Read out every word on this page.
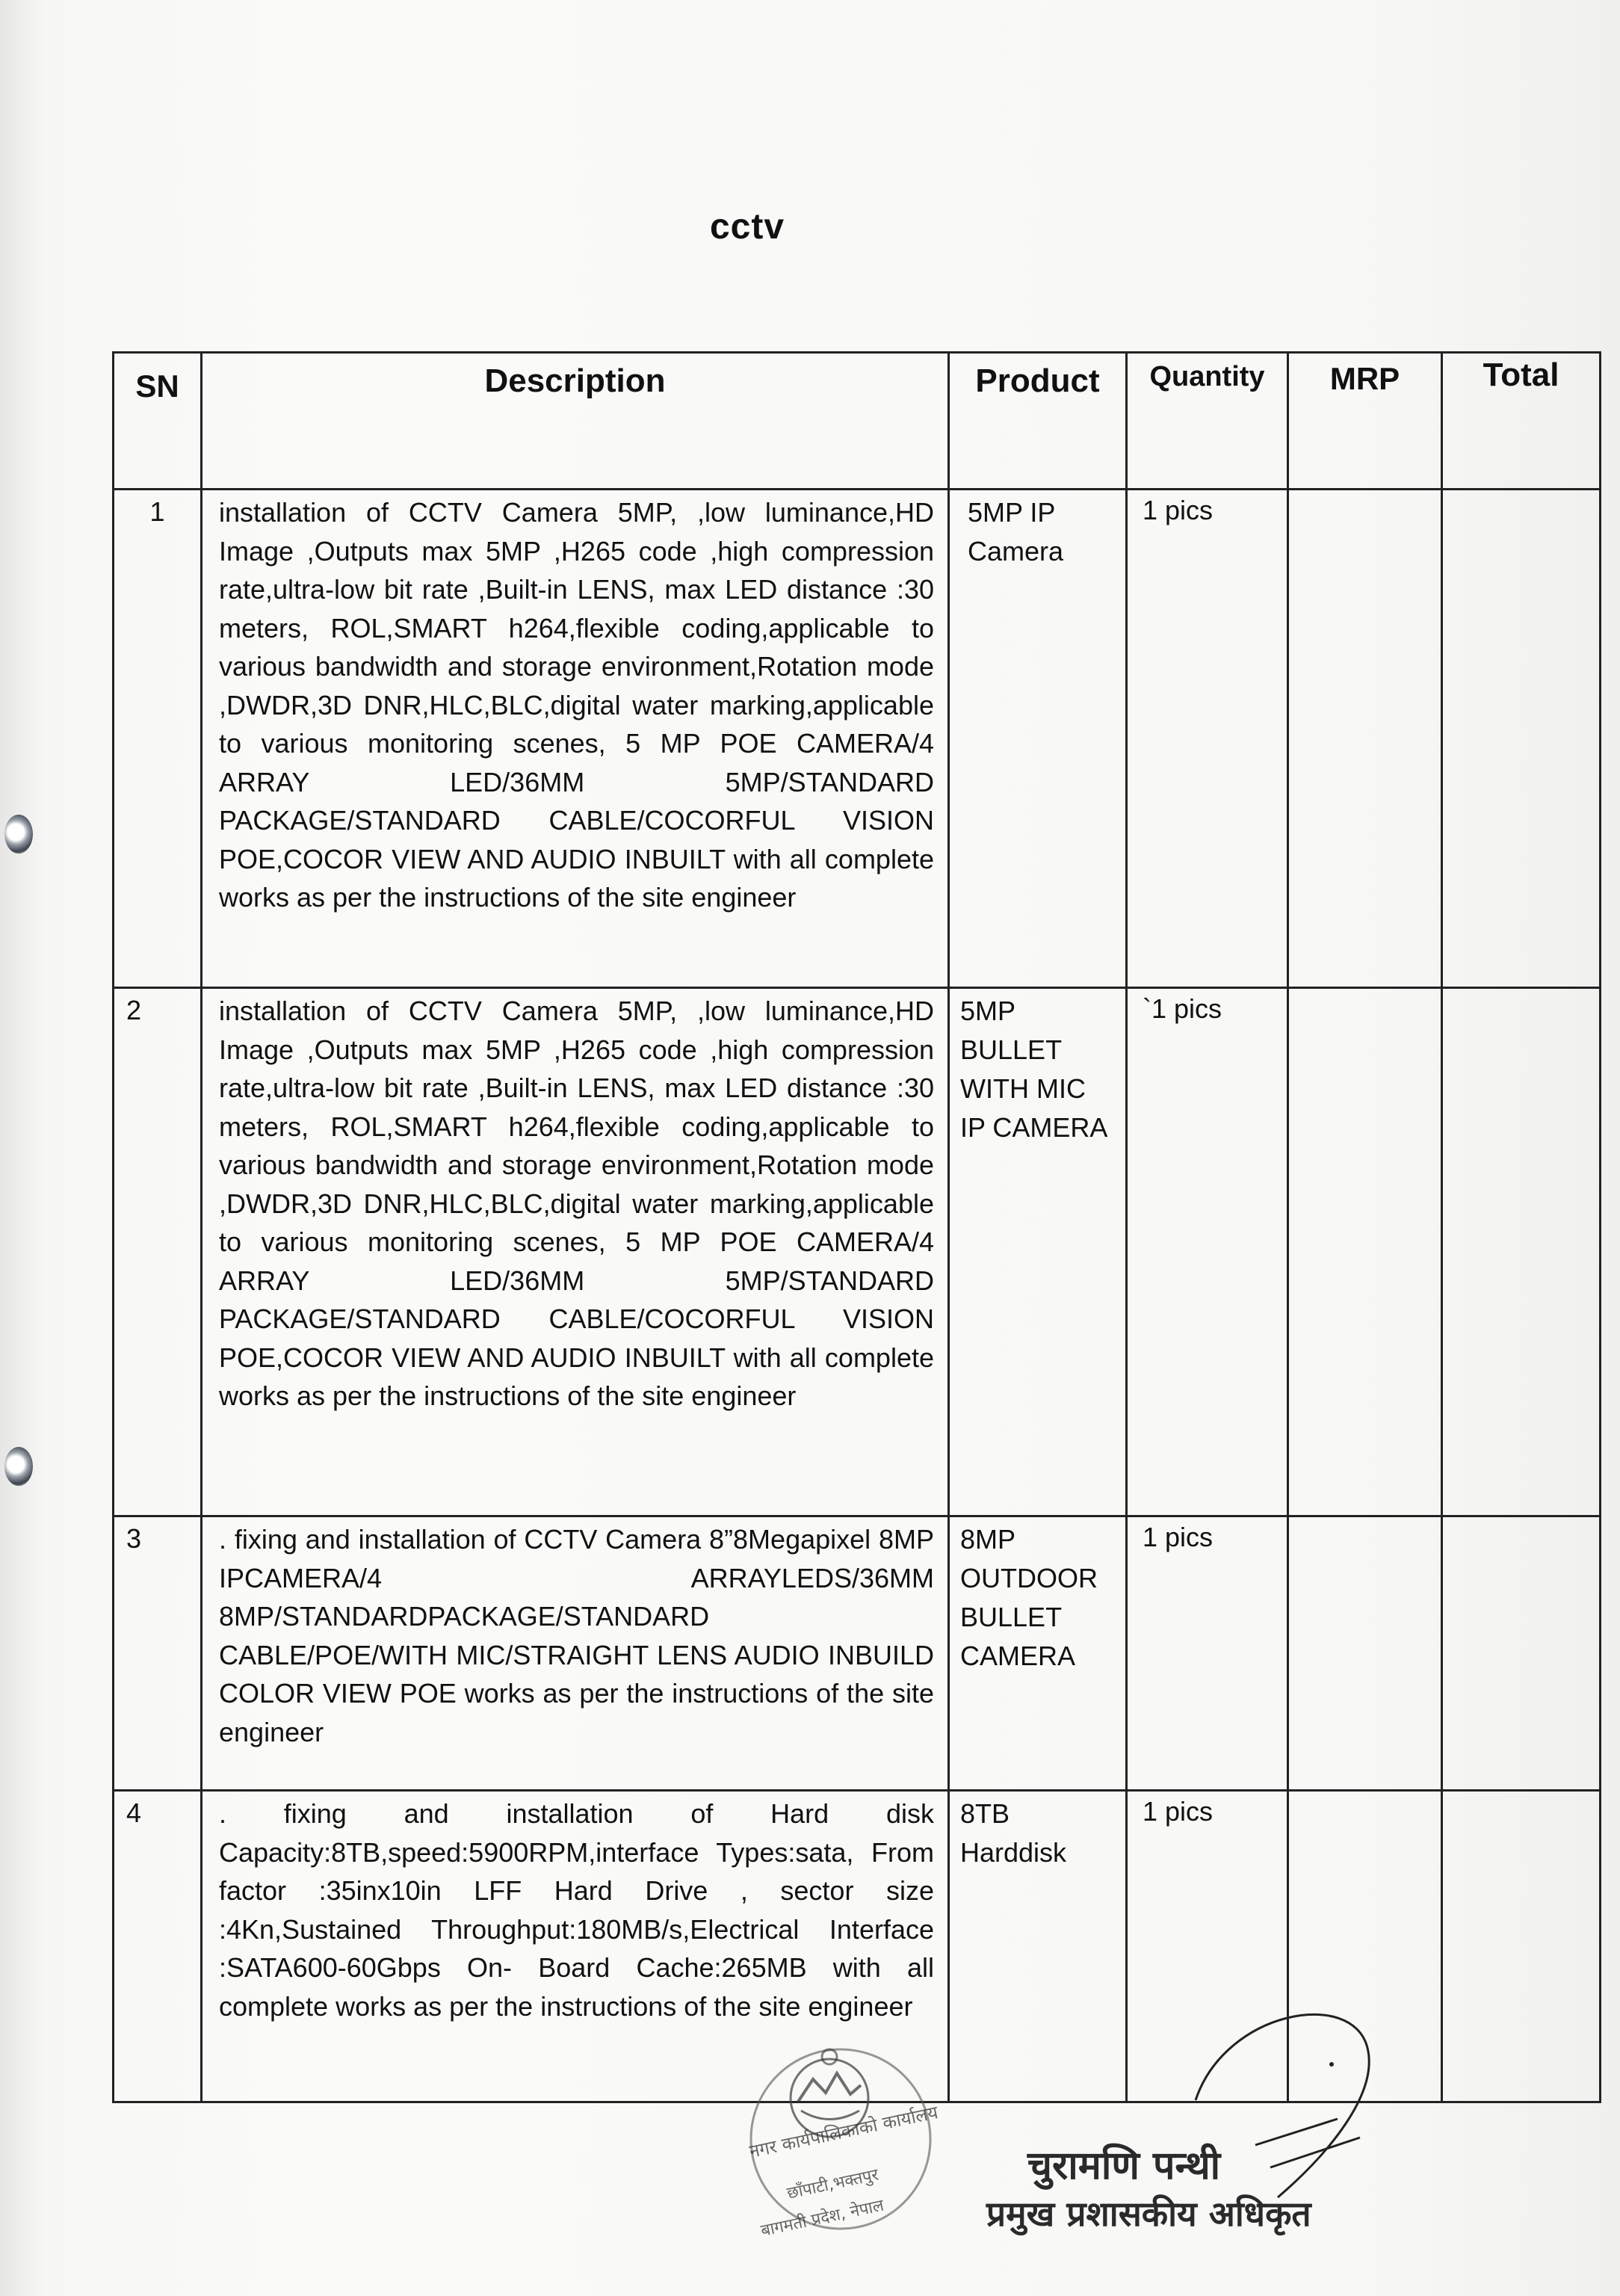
cctv
SN	Description	Product	Quantity	MRP	Total
1	installation of CCTV Camera 5MP, ,low luminance,HD Image ,Outputs max 5MP ,H265 code ,high compression rate,ultra-low bit rate ,Built-in LENS, max LED distance :30 meters, ROL,SMART h264,flexible coding,applicable to various bandwidth and storage environment,Rotation mode ,DWDR,3D DNR,HLC,BLC,digital water marking,applicable to various monitoring scenes, 5 MP POE CAMERA/4 ARRAY LED/36MM 5MP/STANDARD PACKAGE/STANDARD CABLE/COCORFUL VISION POE,COCOR VIEW AND AUDIO INBUILT with all complete works as per the instructions of the site engineer	5MP IP Camera	1 pics		
2	installation of CCTV Camera 5MP, ,low luminance,HD Image ,Outputs max 5MP ,H265 code ,high compression rate,ultra-low bit rate ,Built-in LENS, max LED distance :30 meters, ROL,SMART h264,flexible coding,applicable to various bandwidth and storage environment,Rotation mode ,DWDR,3D DNR,HLC,BLC,digital water marking,applicable to various monitoring scenes, 5 MP POE CAMERA/4 ARRAY LED/36MM 5MP/STANDARD PACKAGE/STANDARD CABLE/COCORFUL VISION POE,COCOR VIEW AND AUDIO INBUILT with all complete works as per the instructions of the site engineer	5MP BULLET WITH MIC IP CAMERA	`1 pics		
3	. fixing and installation of CCTV Camera 8”8Megapixel 8MP IPCAMERA/4 ARRAYLEDS/36MM 8MP/STANDARDPACKAGE/STANDARD CABLE/POE/WITH MIC/STRAIGHT LENS AUDIO INBUILD COLOR VIEW POE works as per the instructions of the site engineer	8MP OUTDOOR BULLET CAMERA	1 pics		
4	. fixing and installation of Hard disk Capacity:8TB,speed:5900RPM,interface Types:sata, From factor :35inx10in LFF Hard Drive , sector size :4Kn,Sustained Throughput:180MB/s,Electrical Interface :SATA600-60Gbps On- Board Cache:265MB with all complete works as per the instructions of the site engineer	8TB Harddisk	1 pics		
नगर कार्यपालिकाको कार्यालय
छाँपाटी,भक्तपुर
बागमती प्रदेश, नेपाल
चुरामणि पन्थी
प्रमुख प्रशासकीय अधिकृत
